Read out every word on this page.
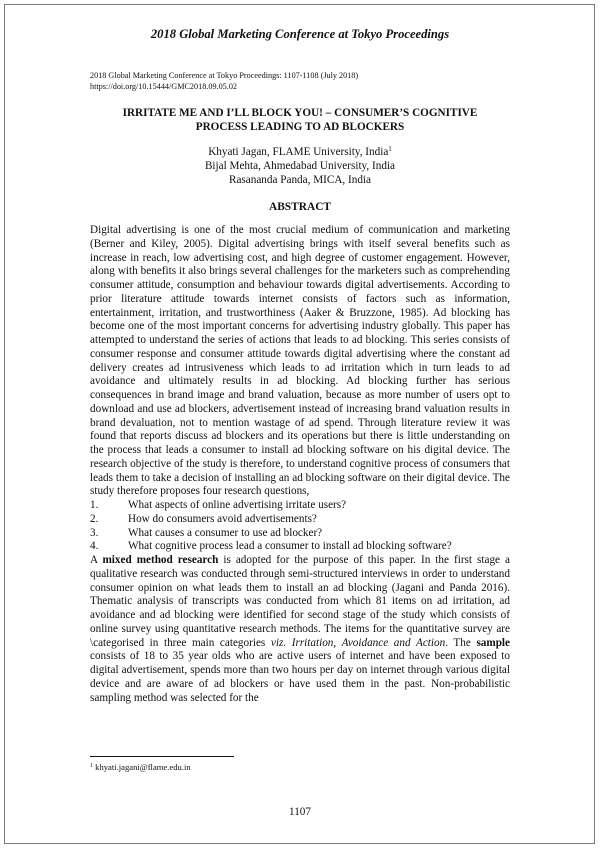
2018 Global Marketing Conference at Tokyo Proceedings
2018 Global Marketing Conference at Tokyo Proceedings: 1107-1108 (July 2018)
https://doi.org/10.15444/GMC2018.09.05.02
IRRITATE ME AND I’LL BLOCK YOU! – CONSUMER’S COGNITIVE
PROCESS LEADING TO AD BLOCKERS
Khyati Jagan, FLAME University, India$^1$
Bijal Mehta, Ahmedabad University, India
Rasananda Panda, MICA, India
ABSTRACT

Digital advertising is one of the most crucial medium of communication and marketing (Berner and Kiley, 2005). Digital advertising brings with itself several benefits such as increase in reach, low advertising cost, and high degree of customer engagement. However, along with benefits it also brings several challenges for the marketers such as comprehending consumer attitude, consumption and behaviour towards digital advertisements. According to prior literature attitude towards internet consists of factors such as information, entertainment, irritation, and trustworthiness (Aaker & Bruzzone, 1985). Ad blocking has become one of the most important concerns for advertising industry globally. This paper has attempted to understand the series of actions that leads to ad blocking. This series consists of consumer response and consumer attitude towards digital advertising where the constant ad delivery creates ad intrusiveness which leads to ad irritation which in turn leads to ad avoidance and ultimately results in ad blocking. Ad blocking further has serious consequences in brand image and brand valuation, because as more number of users opt to download and use ad blockers, advertisement instead of increasing brand valuation results in brand devaluation, not to mention wastage of ad spend. Through literature review it was found that reports discuss ad blockers and its operations but there is little understanding on the process that leads a consumer to install ad blocking software on his digital device. The research objective of the study is therefore, to understand cognitive process of consumers that leads them to take a decision of installing an ad blocking software on their digital device. The study therefore proposes four research questions,

1.	What aspects of online advertising irritate users?
2.	How do consumers avoid advertisements?
3.	What causes a consumer to use ad blocker?
4.	What cognitive process lead a consumer to install ad blocking software?

A mixed method research is adopted for the purpose of this paper. In the first stage a qualitative research was conducted through semi-structured interviews in order to understand consumer opinion on what leads them to install an ad blocking (Jagani and Panda 2016). Thematic analysis of transcripts was conducted from which 81 items on ad irritation, ad avoidance and ad blocking were identified for second stage of the study which consists of online survey using quantitative research methods. The items for the quantitative survey are \categorised in three main categories viz. Irritation, Avoidance and Action. The sample consists of 18 to 35 year olds who are active users of internet and have been exposed to digital advertisement, spends more than two hours per day on internet through various digital device and are aware of ad blockers or have used them in the past. Non-probabilistic sampling method was selected for the

$^1$ khyati.jagani@flame.edu.in
1107
